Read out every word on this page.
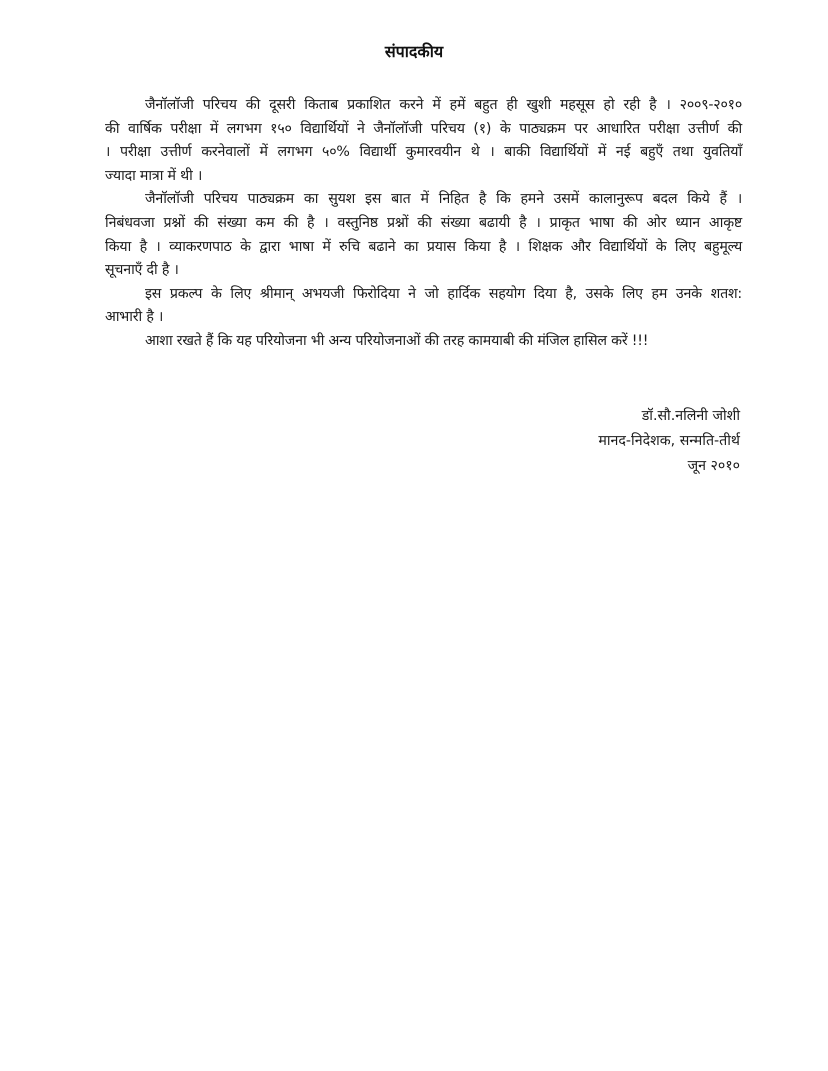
संपादकीय
जैनॉलॉजी परिचय की दूसरी किताब प्रकाशित करने में हमें बहुत ही खुशी महसूस हो रही है । २००९-२०१०
की वार्षिक परीक्षा में लगभग १५० विद्यार्थियों ने जैनॉलॉजी परिचय (१) के पाठ्यक्रम पर आधारित परीक्षा उत्तीर्ण की
। परीक्षा उत्तीर्ण करनेवालों में लगभग ५०% विद्यार्थी कुमारवयीन थे । बाकी विद्यार्थियों में नई बहुएँ तथा युवतियाँ
ज्यादा मात्रा में थी ।
जैनॉलॉजी परिचय पाठ्यक्रम का सुयश इस बात में निहित है कि हमने उसमें कालानुरूप बदल किये हैं ।
निबंधवजा प्रश्नों की संख्या कम की है । वस्तुनिष्ठ प्रश्नों की संख्या बढायी है । प्राकृत भाषा की ओर ध्यान आकृष्ट
किया है । व्याकरणपाठ के द्वारा भाषा में रुचि बढाने का प्रयास किया है । शिक्षक और विद्यार्थियों के लिए बहुमूल्य
सूचनाएँ दी है ।
इस प्रकल्प के लिए श्रीमान् अभयजी फिरोदिया ने जो हार्दिक सहयोग दिया है, उसके लिए हम उनके शतश:
आभारी है ।
आशा रखते हैं कि यह परियोजना भी अन्य परियोजनाओं की तरह कामयाबी की मंजिल हासिल करें !!!
डॉ.सौ.नलिनी जोशी
मानद-निदेशक, सन्मति-तीर्थ
जून २०१०
